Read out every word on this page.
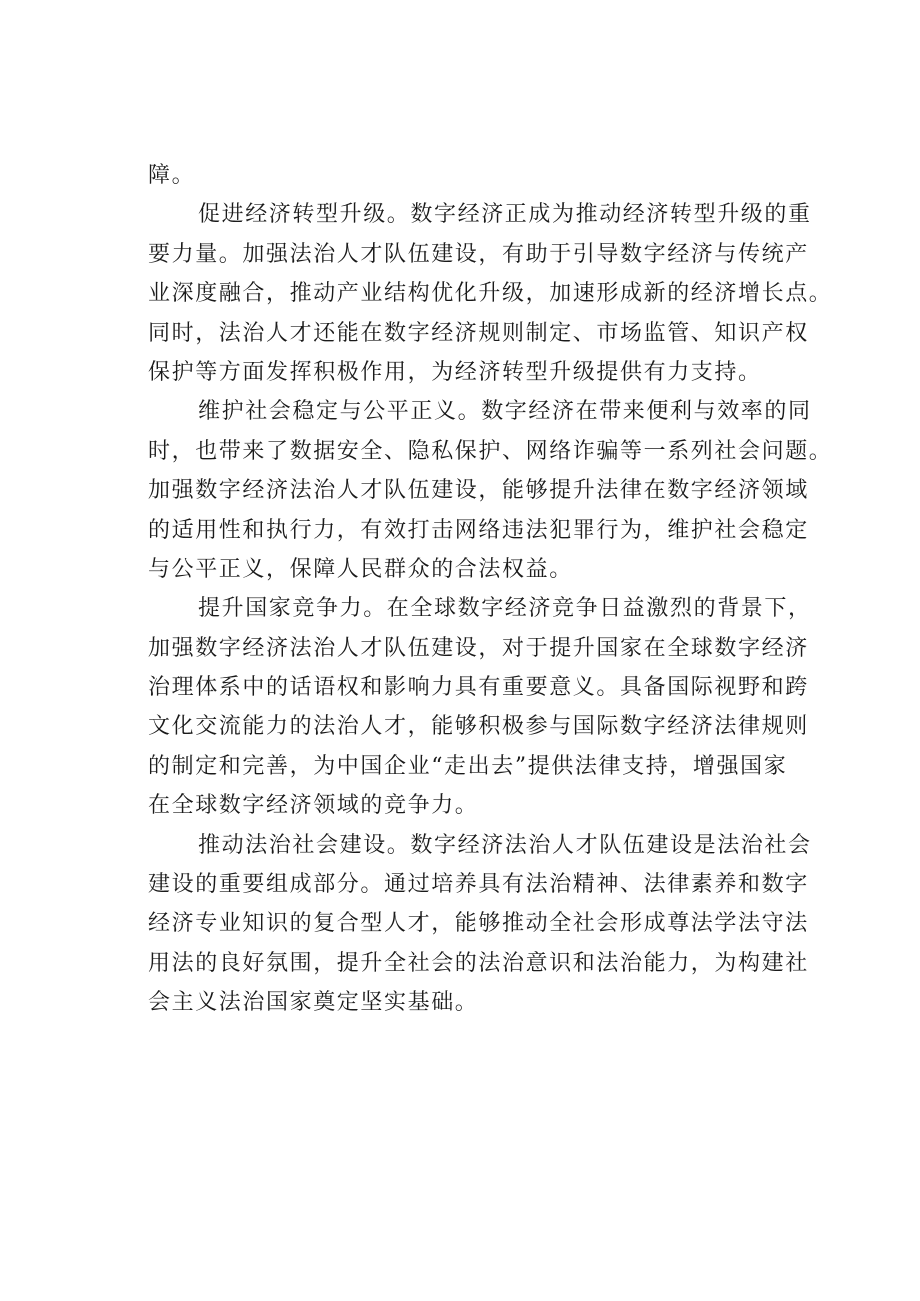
障。
促进经济转型升级。数字经济正成为推动经济转型升级的重
要力量。加强法治人才队伍建设，有助于引导数字经济与传统产
业深度融合，推动产业结构优化升级，加速形成新的经济增长点。
同时，法治人才还能在数字经济规则制定、市场监管、知识产权
保护等方面发挥积极作用，为经济转型升级提供有力支持。
维护社会稳定与公平正义。数字经济在带来便利与效率的同
时，也带来了数据安全、隐私保护、网络诈骗等一系列社会问题。
加强数字经济法治人才队伍建设，能够提升法律在数字经济领域
的适用性和执行力，有效打击网络违法犯罪行为，维护社会稳定
与公平正义，保障人民群众的合法权益。
提升国家竞争力。在全球数字经济竞争日益激烈的背景下，
加强数字经济法治人才队伍建设，对于提升国家在全球数字经济
治理体系中的话语权和影响力具有重要意义。具备国际视野和跨
文化交流能力的法治人才，能够积极参与国际数字经济法律规则
的制定和完善，为中国企业“走出去”提供法律支持，增强国家
在全球数字经济领域的竞争力。
推动法治社会建设。数字经济法治人才队伍建设是法治社会
建设的重要组成部分。通过培养具有法治精神、法律素养和数字
经济专业知识的复合型人才，能够推动全社会形成尊法学法守法
用法的良好氛围，提升全社会的法治意识和法治能力，为构建社
会主义法治国家奠定坚实基础。
